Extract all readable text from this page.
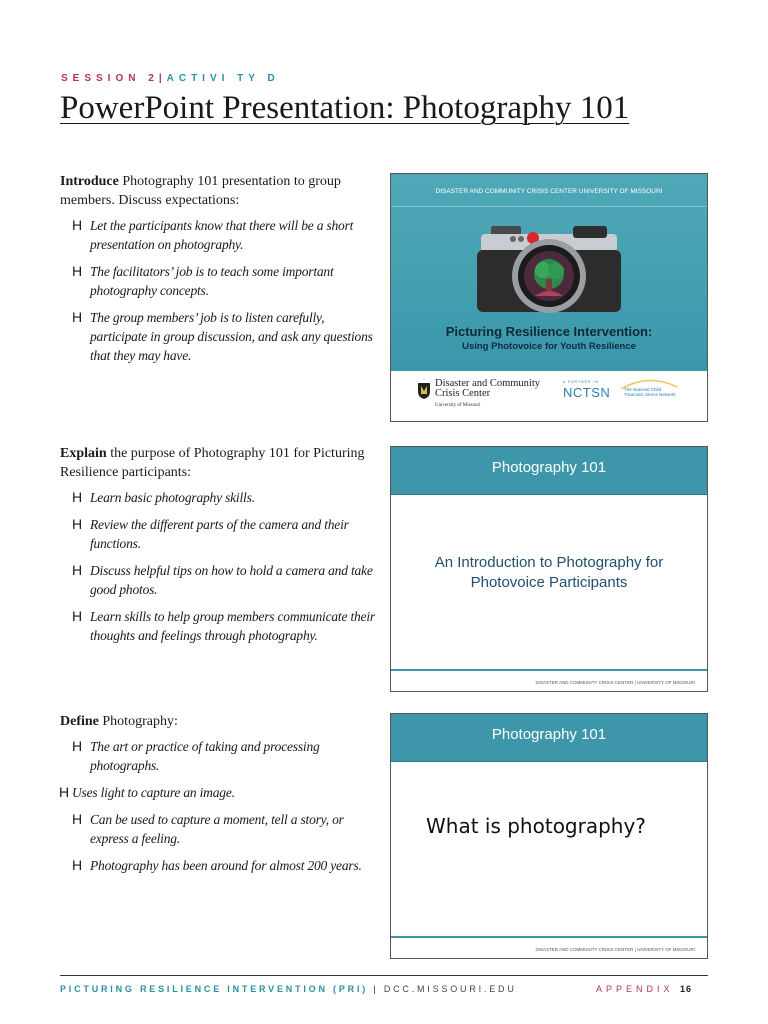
SESSION 2|ACTIVI TY D
PowerPoint Presentation: Photography 101
Introduce Photography 101 presentation to group members. Discuss expectations:
H Let the participants know that there will be a short presentation on photography.
H The facilitators’ job is to teach some important photography concepts.
H The group members’ job is to listen carefully, participate in group discussion, and ask any questions that they may have.
Explain the purpose of Photography 101 for Picturing Resilience participants:
H Learn basic photography skills.
H Review the different parts of the camera and their functions.
H Discuss helpful tips on how to hold a camera and take good photos.
H Learn skills to help group members communicate their thoughts and feelings through photography.
Define Photography:
H The art or practice of taking and processing photographs.
H Uses light to capture an image.
H Can be used to capture a moment, tell a story, or express a feeling.
H Photography has been around for almost 200 years.
DISASTER AND COMMUNITY CRISIS CENTER UNIVERSITY OF MISSOURI
Picturing Resilience Intervention:
Using Photovoice for Youth Resilience
Disaster and Community
Crisis Center
University of Missouri
A PARTNER IN
NCTSN	The National Child
Traumatic Stress Network
Photography 101
An Introduction to Photography for
Photovoice Participants
DISASTER AND COMMUNITY CRISIS CENTER | UNIVERSITY OF MISSOURI
Photography 101
What is photography?
DISASTER AND COMMUNITY CRISIS CENTER | UNIVERSITY OF MISSOURI
PICTURING RESILIENCE INTERVENTION (PRI) | DCC.MISSOURI.EDU	APPENDIX 16
